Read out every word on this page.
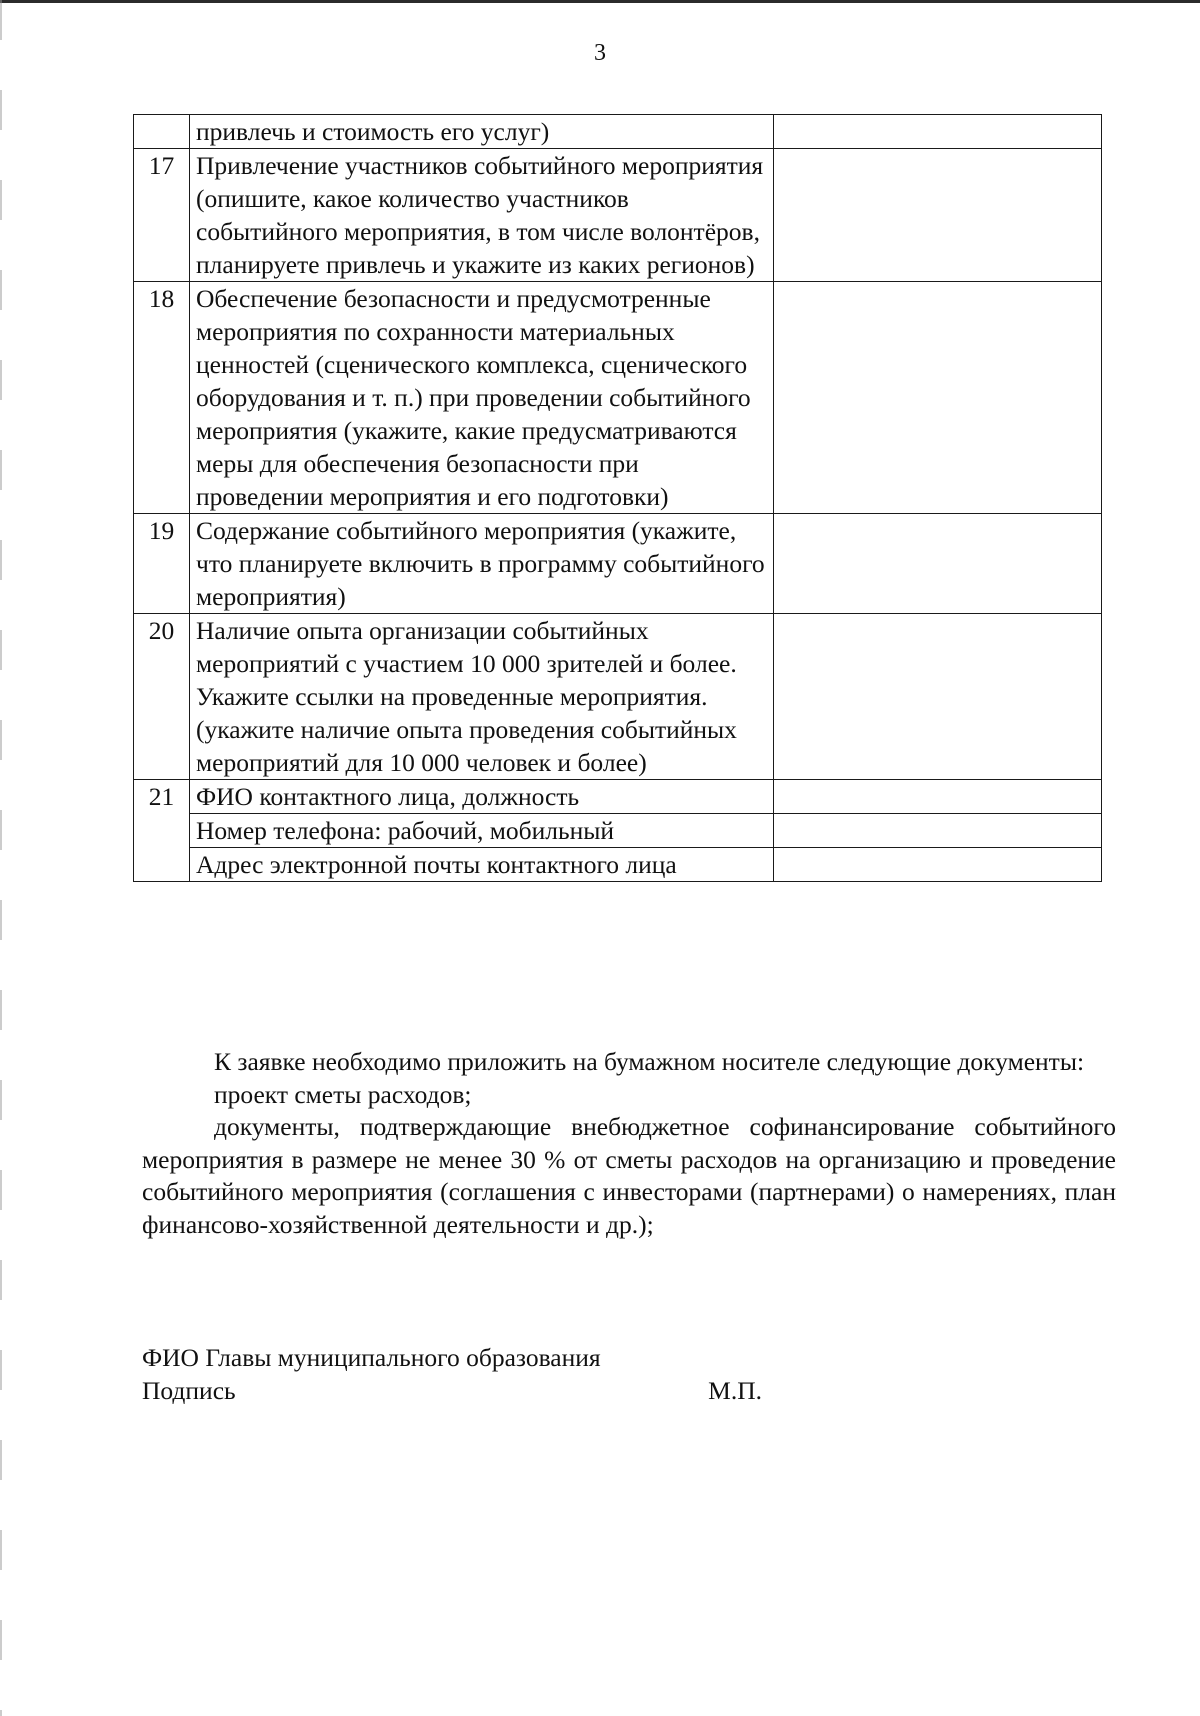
3
	привлечь и стоимость его услуг)	
17	Привлечение участников событийного мероприятия (опишите, какое количество участников событийного мероприятия, в том числе волонтёров, планируете привлечь и укажите из каких регионов)	
18	Обеспечение безопасности и предусмотренные мероприятия по сохранности материальных ценностей (сценического комплекса, сценического оборудования и т. п.) при проведении событийного мероприятия (укажите, какие предусматриваются меры для обеспечения безопасности при проведении мероприятия и его подготовки)	
19	Содержание событийного мероприятия (укажите, что планируете включить в программу событийного мероприятия)	
20	Наличие опыта организации событийных мероприятий с участием 10 000 зрителей и более. Укажите ссылки на проведенные мероприятия. (укажите наличие опыта проведения событийных мероприятий для 10 000 человек и более)	
21	ФИО контактного лица, должность	
	Номер телефона: рабочий, мобильный	
	Адрес электронной почты контактного лица	

К заявке необходимо приложить на бумажном носителе следующие документы:

проект сметы расходов;

документы, подтверждающие внебюджетное софинансирование событийного мероприятия в размере не менее 30 % от сметы расходов на организацию и проведение событийного мероприятия (соглашения с инвесторами (партнерами) о намерениях, план финансово-хозяйственной деятельности и др.);

ФИО Главы муниципального образования
Подпись	М.П.
